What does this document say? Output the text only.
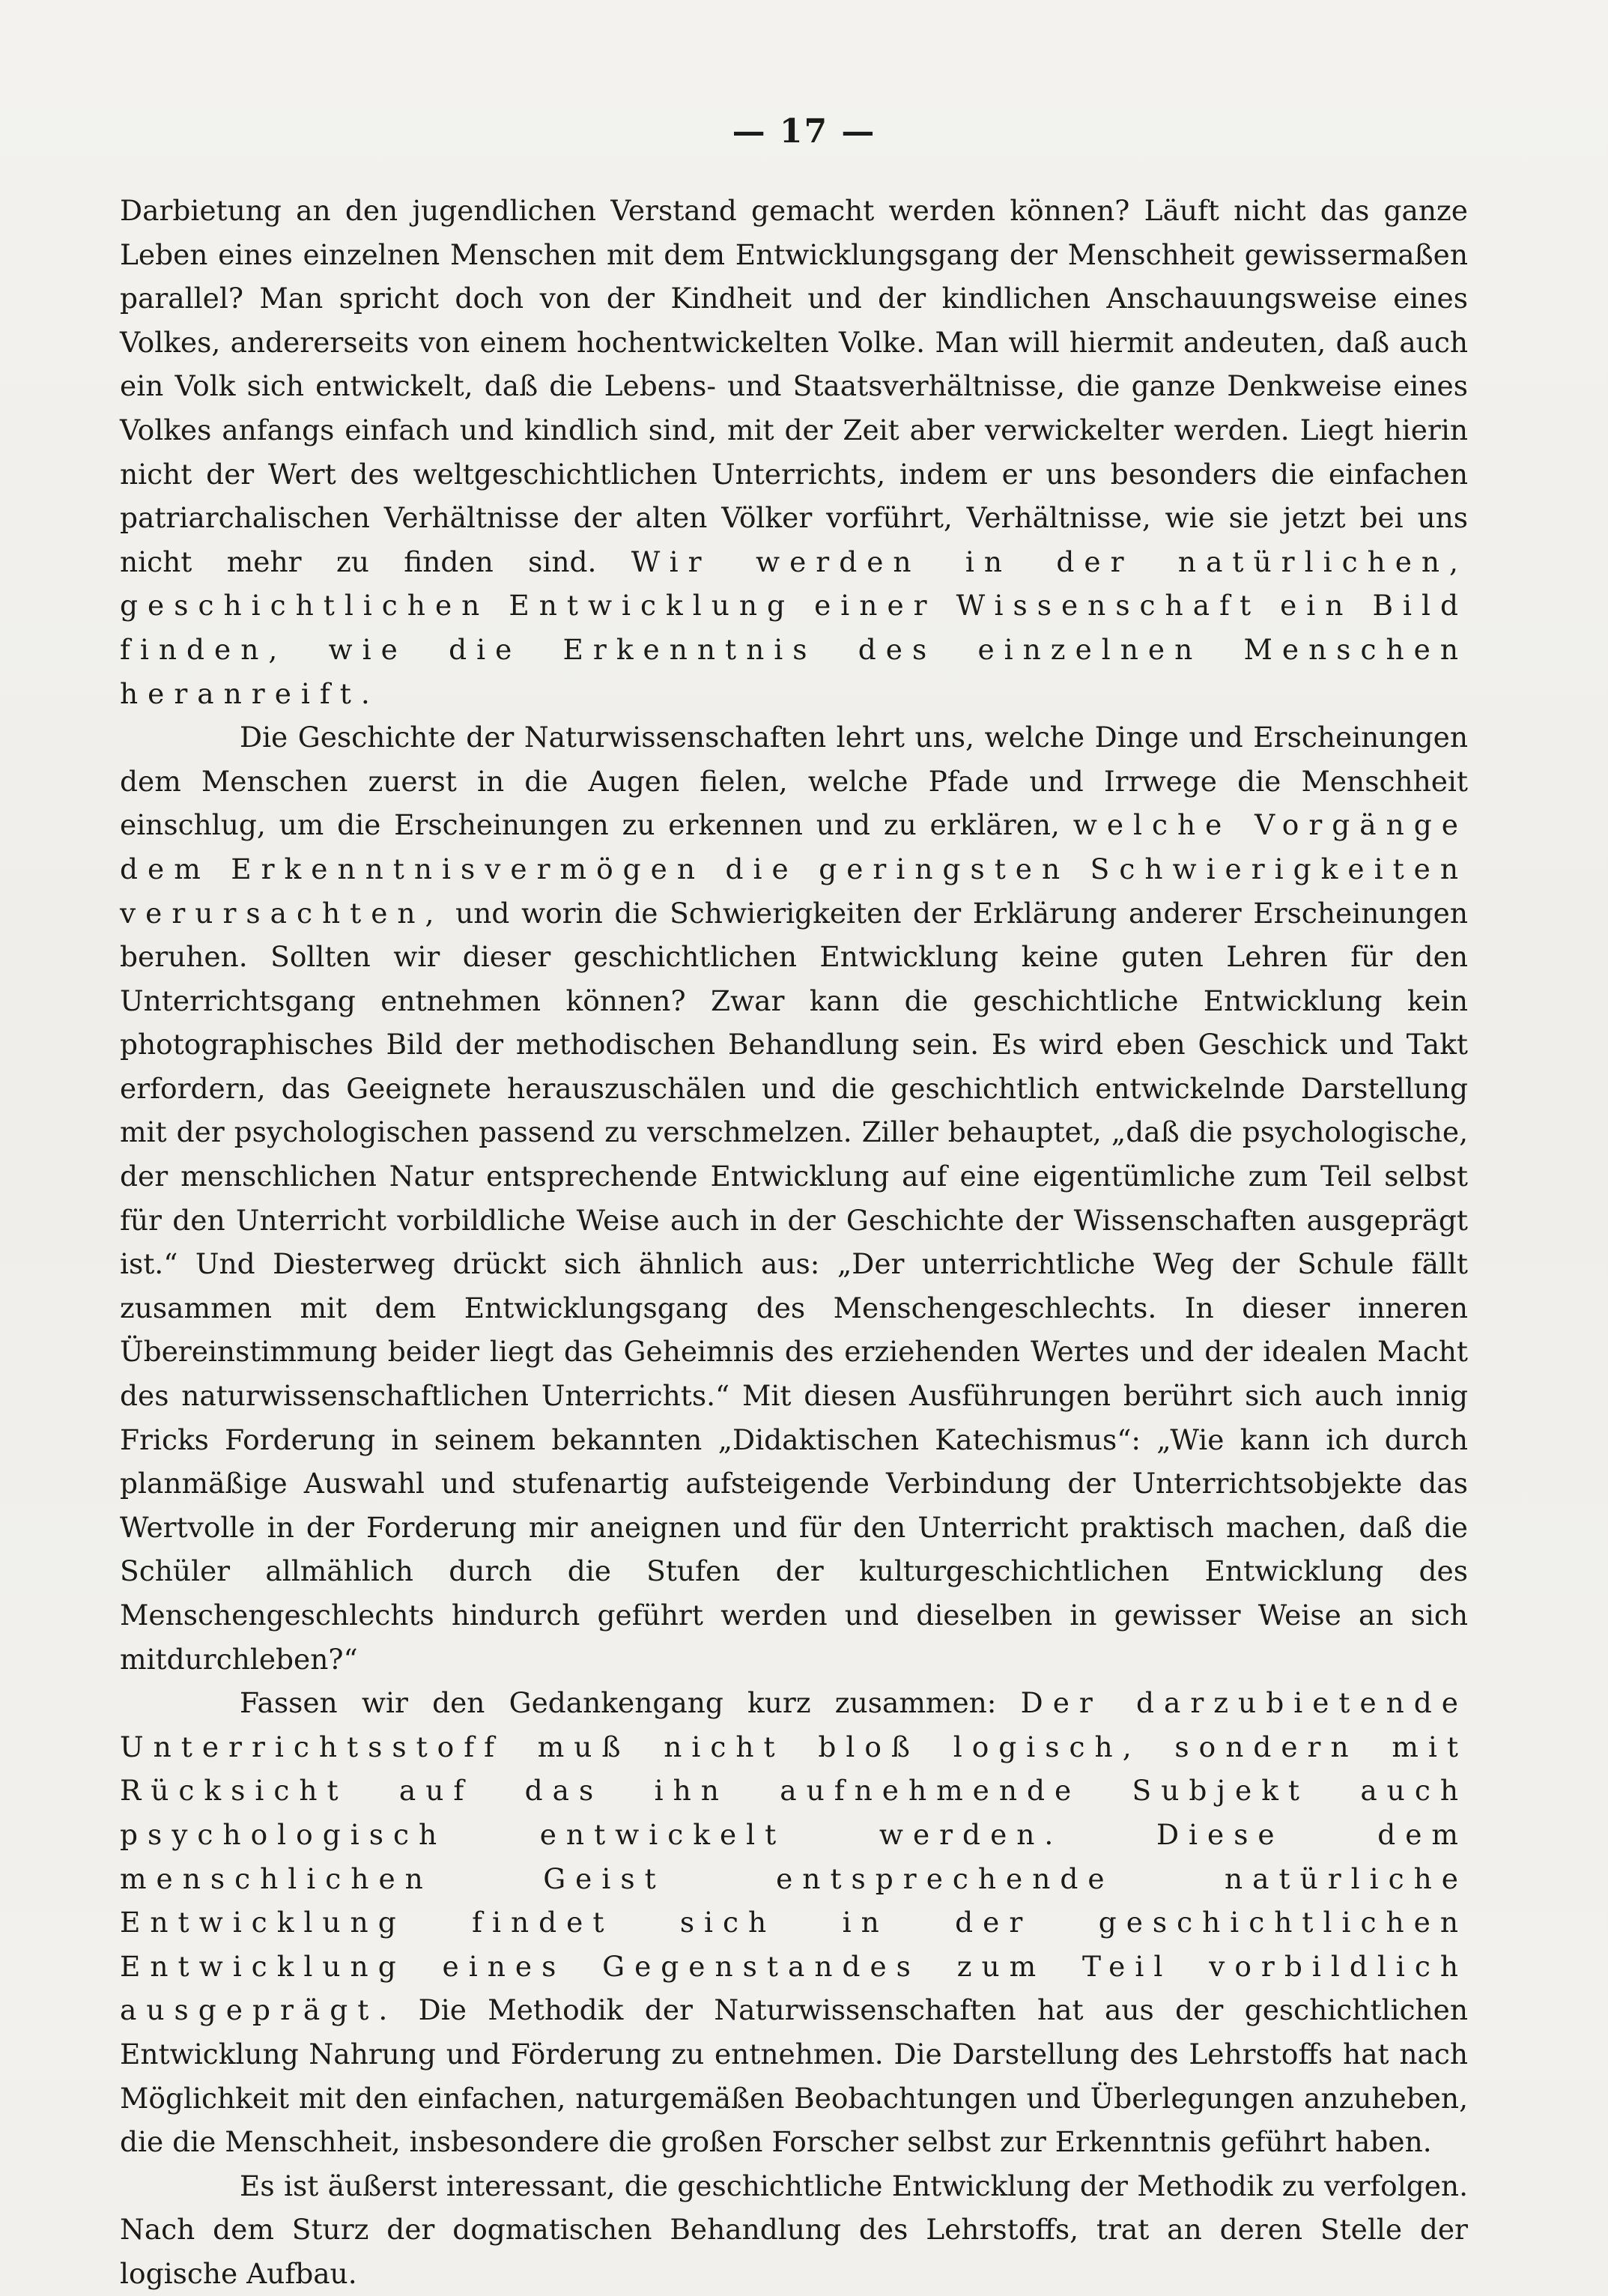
— 17 —

Darbietung an den jugendlichen Verstand gemacht werden können? Läuft nicht das ganze Leben eines einzelnen Menschen mit dem Entwicklungsgang der Menschheit gewissermaßen parallel? Man spricht doch von der Kindheit und der kindlichen Anschauungsweise eines Volkes, andererseits von einem hochentwickelten Volke. Man will hiermit andeuten, daß auch ein Volk sich entwickelt, daß die Lebens- und Staatsverhältnisse, die ganze Denkweise eines Volkes anfangs einfach und kindlich sind, mit der Zeit aber verwickelter werden. Liegt hierin nicht der Wert des weltgeschichtlichen Unterrichts, indem er uns besonders die einfachen patriarchalischen Verhältnisse der alten Völker vorführt, Verhältnisse, wie sie jetzt bei uns nicht mehr zu finden sind. Wir werden in der natürlichen, geschichtlichen Entwicklung einer Wissenschaft ein Bild finden, wie die Erkenntnis des einzelnen Menschen heranreift.

Die Geschichte der Naturwissenschaften lehrt uns, welche Dinge und Erscheinungen dem Menschen zuerst in die Augen fielen, welche Pfade und Irrwege die Menschheit einschlug, um die Erscheinungen zu erkennen und zu erklären, welche Vorgänge dem Erkenntnisvermögen die geringsten Schwierigkeiten verursachten, und worin die Schwierigkeiten der Erklärung anderer Erscheinungen beruhen. Sollten wir dieser geschichtlichen Entwicklung keine guten Lehren für den Unterrichtsgang entnehmen können? Zwar kann die geschichtliche Entwicklung kein photographisches Bild der methodischen Behandlung sein. Es wird eben Geschick und Takt erfordern, das Geeignete herauszuschälen und die geschichtlich entwickelnde Darstellung mit der psychologischen passend zu verschmelzen. Ziller behauptet, „daß die psychologische, der menschlichen Natur entsprechende Entwicklung auf eine eigentümliche zum Teil selbst für den Unterricht vorbildliche Weise auch in der Geschichte der Wissenschaften ausgeprägt ist.“ Und Diesterweg drückt sich ähnlich aus: „Der unterrichtliche Weg der Schule fällt zusammen mit dem Entwicklungsgang des Menschengeschlechts. In dieser inneren Übereinstimmung beider liegt das Geheimnis des erziehenden Wertes und der idealen Macht des naturwissenschaftlichen Unterrichts.“ Mit diesen Ausführungen berührt sich auch innig Fricks Forderung in seinem bekannten „Didaktischen Katechismus“: „Wie kann ich durch planmäßige Auswahl und stufenartig aufsteigende Verbindung der Unterrichtsobjekte das Wertvolle in der Forderung mir aneignen und für den Unterricht praktisch machen, daß die Schüler allmählich durch die Stufen der kulturgeschichtlichen Entwicklung des Menschengeschlechts hindurch geführt werden und dieselben in gewisser Weise an sich mitdurchleben?“

Fassen wir den Gedankengang kurz zusammen: Der darzubietende Unterrichtsstoff muß nicht bloß logisch, sondern mit Rücksicht auf das ihn aufnehmende Subjekt auch psychologisch entwickelt werden. Diese dem menschlichen Geist entsprechende natürliche Entwicklung findet sich in der geschichtlichen Entwicklung eines Gegenstandes zum Teil vorbildlich ausgeprägt. Die Methodik der Naturwissenschaften hat aus der geschichtlichen Entwicklung Nahrung und Förderung zu entnehmen. Die Darstellung des Lehrstoffs hat nach Möglichkeit mit den einfachen, naturgemäßen Beobachtungen und Überlegungen anzuheben, die die Menschheit, insbesondere die großen Forscher selbst zur Erkenntnis geführt haben.

Es ist äußerst interessant, die geschichtliche Entwicklung der Methodik zu verfolgen. Nach dem Sturz der dogmatischen Behandlung des Lehrstoffs, trat an deren Stelle der logische Aufbau.
